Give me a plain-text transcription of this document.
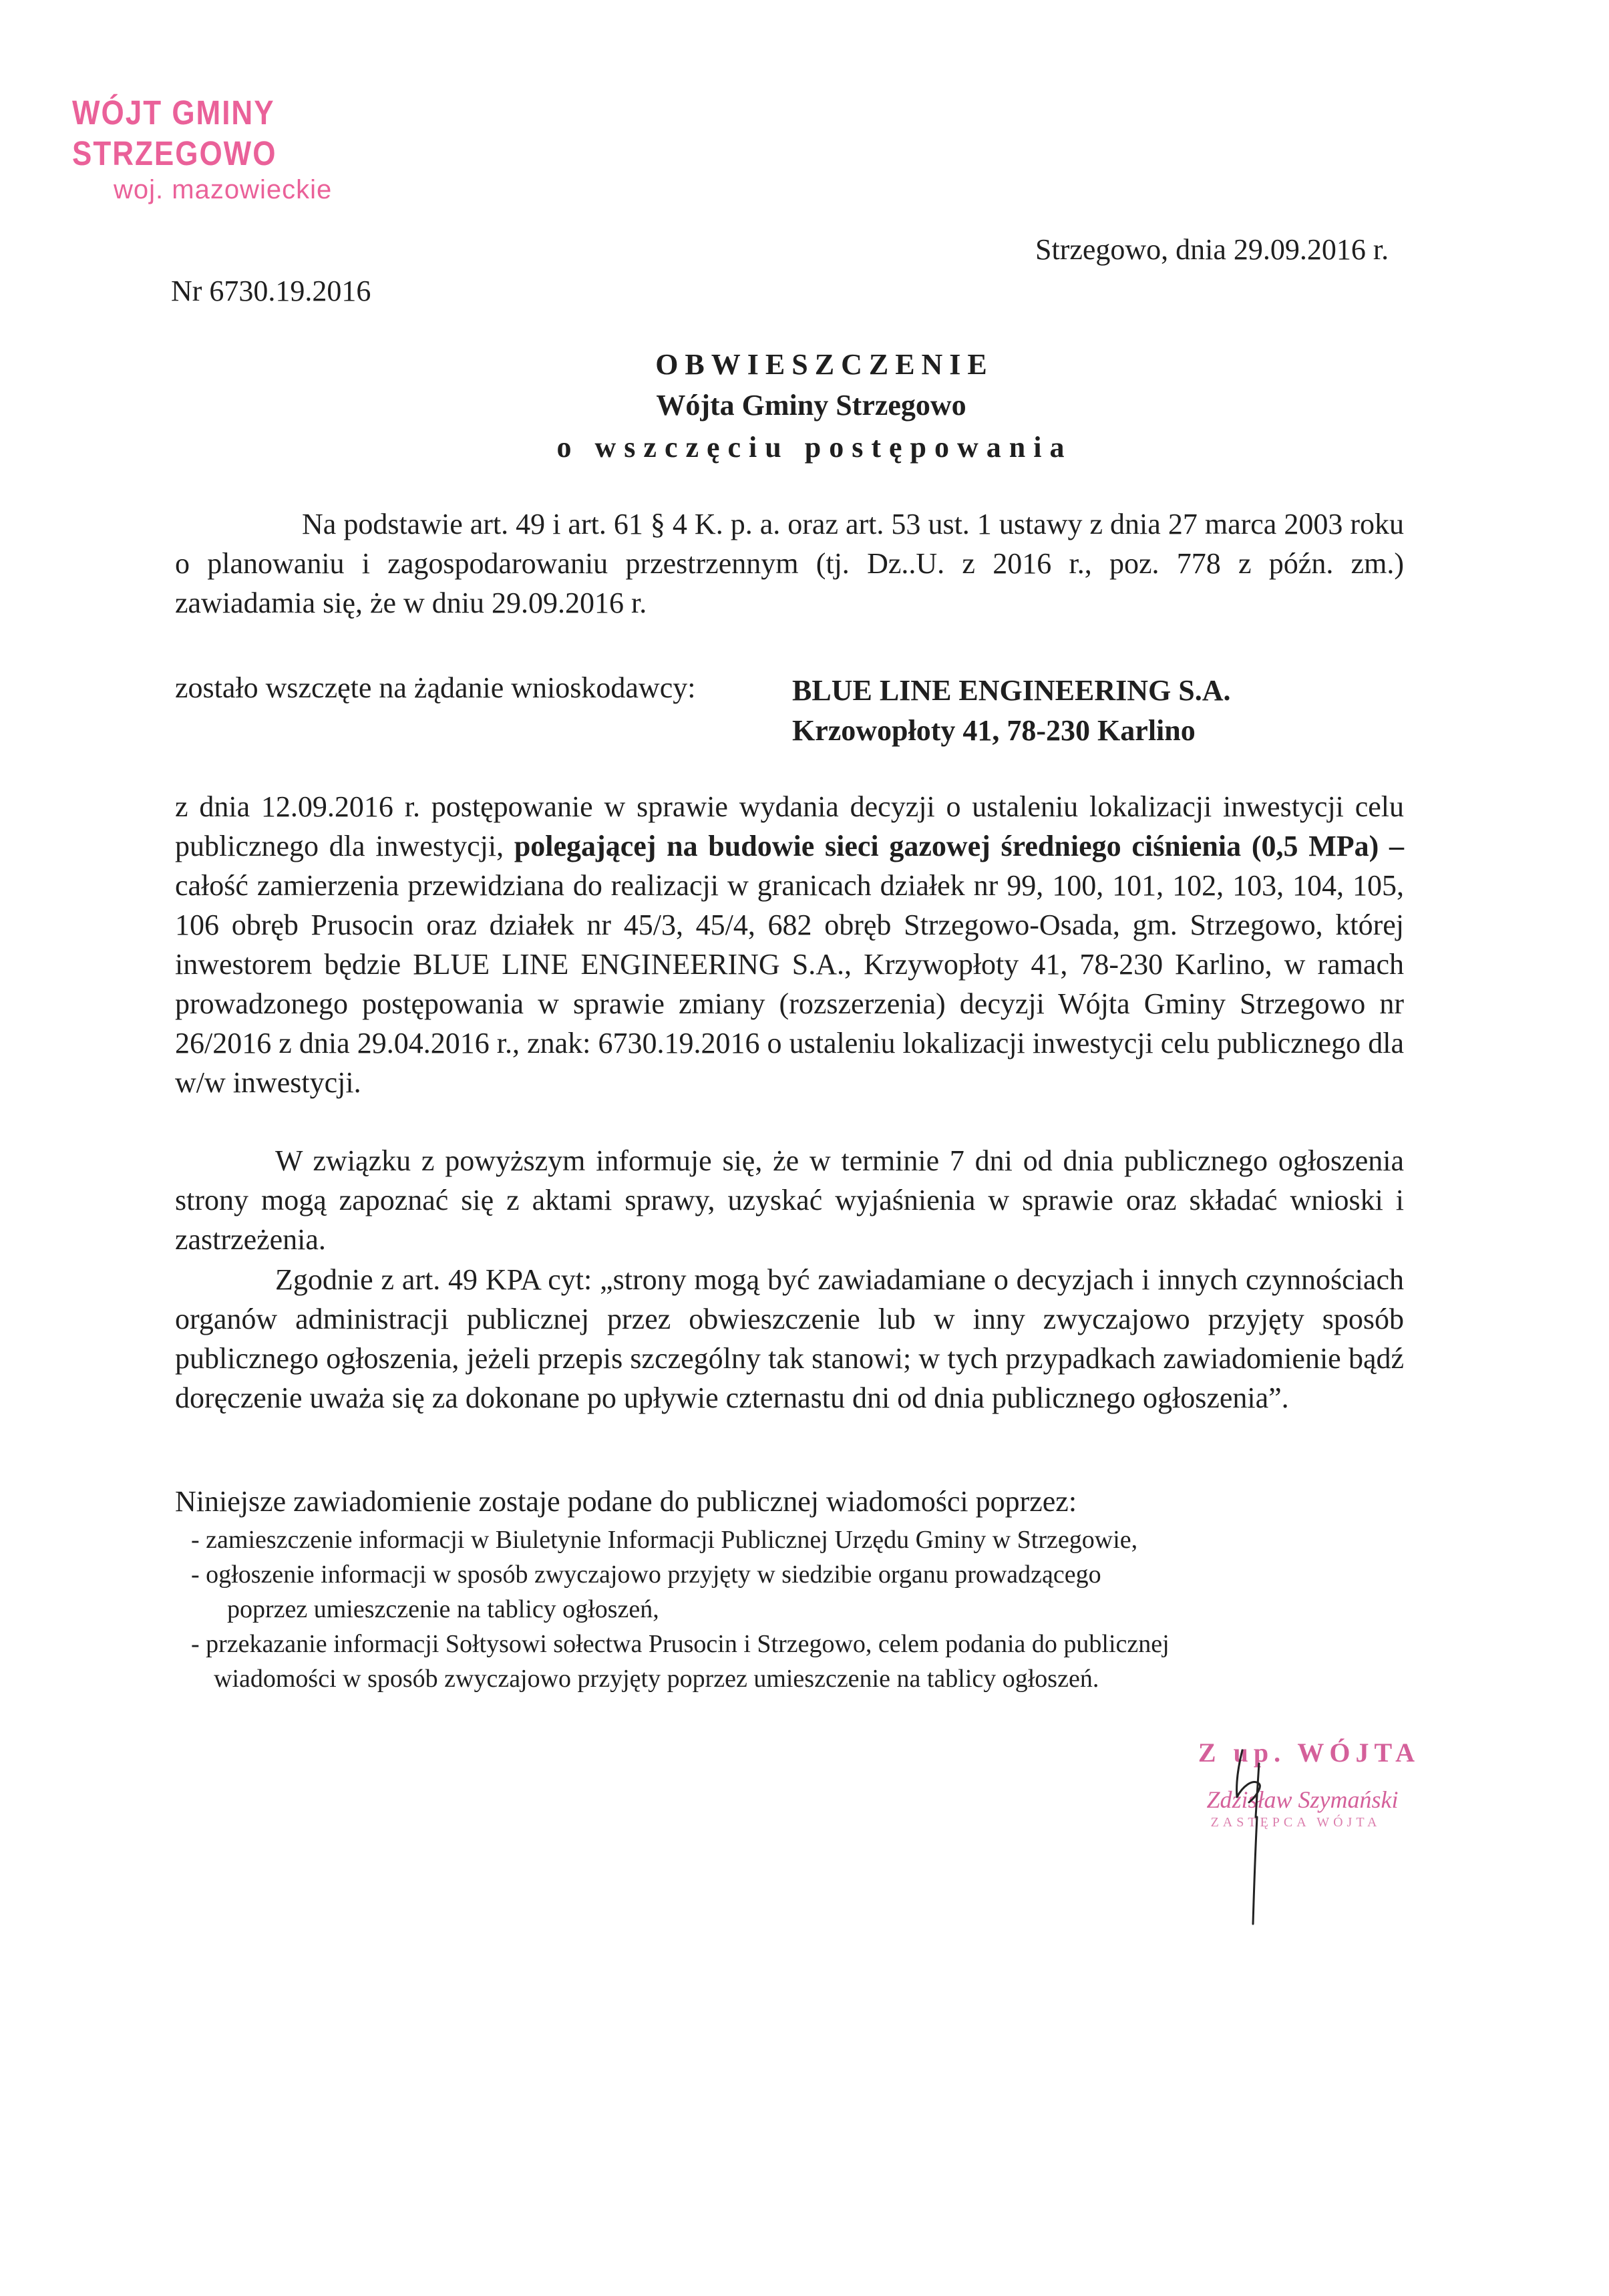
WÓJT GMINY STRZEGOWO
woj. mazowieckie
Strzegowo, dnia 29.09.2016 r.
Nr 6730.19.2016
OBWIESZCZENIE
Wójta Gminy Strzegowo
o wszczęciu postępowania
Na podstawie art. 49 i art. 61 § 4 K. p. a. oraz art. 53 ust. 1 ustawy z dnia 27 marca 2003 roku o planowaniu i zagospodarowaniu przestrzennym (tj. Dz..U. z 2016 r., poz. 778 z późn. zm.) zawiadamia się, że w dniu 29.09.2016 r.
zostało wszczęte na żądanie wnioskodawcy:	BLUE LINE ENGINEERING S.A.
Krzowopłoty 41, 78-230 Karlino
z dnia 12.09.2016 r. postępowanie w sprawie wydania decyzji o ustaleniu lokalizacji inwestycji celu publicznego dla inwestycji, polegającej na budowie sieci gazowej średniego ciśnienia (0,5 MPa) – całość zamierzenia przewidziana do realizacji w granicach działek nr 99, 100, 101, 102, 103, 104, 105, 106 obręb Prusocin oraz działek nr 45/3, 45/4, 682 obręb Strzegowo-Osada, gm. Strzegowo, której inwestorem będzie BLUE LINE ENGINEERING S.A., Krzywopłoty 41, 78-230 Karlino, w ramach prowadzonego postępowania w sprawie zmiany (rozszerzenia) decyzji Wójta Gminy Strzegowo nr 26/2016 z dnia 29.04.2016 r., znak: 6730.19.2016 o ustaleniu lokalizacji inwestycji celu publicznego dla w/w inwestycji.
W związku z powyższym informuje się, że w terminie 7 dni od dnia publicznego ogłoszenia strony mogą zapoznać się z aktami sprawy, uzyskać wyjaśnienia w sprawie oraz składać wnioski i zastrzeżenia.
Zgodnie z art. 49 KPA cyt: „strony mogą być zawiadamiane o decyzjach i innych czynnościach organów administracji publicznej przez obwieszczenie lub w inny zwyczajowo przyjęty sposób publicznego ogłoszenia, jeżeli przepis szczególny tak stanowi; w tych przypadkach zawiadomienie bądź doręczenie uważa się za dokonane po upływie czternastu dni od dnia publicznego ogłoszenia”.
Niniejsze zawiadomienie zostaje podane do publicznej wiadomości poprzez:
- zamieszczenie informacji w Biuletynie Informacji Publicznej Urzędu Gminy w Strzegowie,
- ogłoszenie informacji w sposób zwyczajowo przyjęty w siedzibie organu prowadzącego
poprzez umieszczenie na tablicy ogłoszeń,
- przekazanie informacji Sołtysowi sołectwa Prusocin i Strzegowo, celem podania do publicznej
wiadomości w sposób zwyczajowo przyjęty poprzez umieszczenie na tablicy ogłoszeń.
Z up. WÓJTA
Zdzisław Szymański
ZASTĘPCA WÓJTA
